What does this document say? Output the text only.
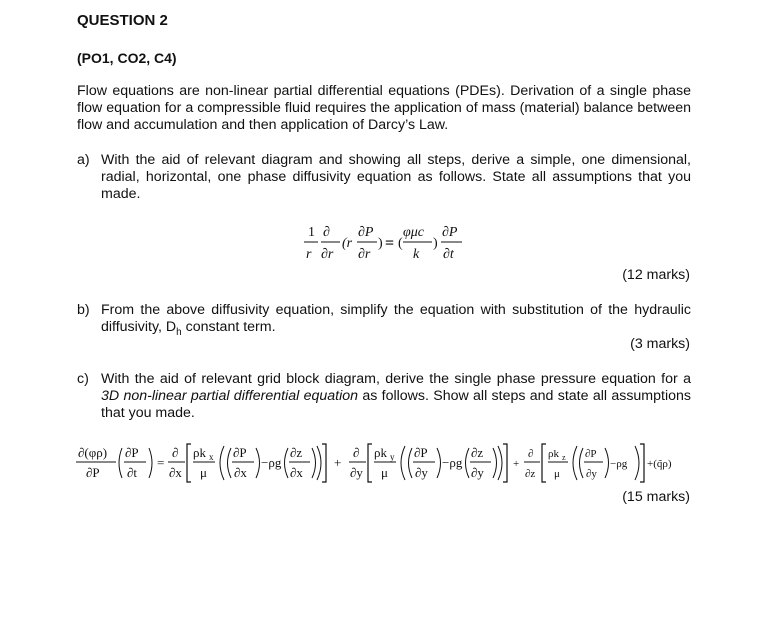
QUESTION 2
(PO1, CO2, C4)

Flow equations are non-linear partial differential equations (PDEs). Derivation of a single phase flow equation for a compressible fluid requires the application of mass (material) balance between flow and accumulation and then application of Darcy’s Law.

a) With the aid of relevant diagram and showing all steps, derive a simple, one dimensional, radial, horizontal, one phase diffusivity equation as follows. State all assumptions that you made.

1
r
∂
∂r
(r
∂P
∂r
) = (
φμc
k
)
∂P
∂t
(12 marks)
b) From the above diffusivity equation, simplify the equation with substitution of the hydraulic diffusivity, $D_h$ constant term.

(3 marks)
c) With the aid of relevant grid block diagram, derive the single phase pressure equation for a 3D non-linear partial differential equation as follows. Show all steps and state all assumptions that you made.

∂(φρ)
∂P
∂P
∂t
=
∂
∂x
ρk x
μ
∂P
∂x
−ρg
∂z
∂x
+
∂
∂y
ρk y
μ
∂P
∂y
−ρg
∂z
∂y
+
∂
∂z
ρk z
μ
∂P
∂y
−ρg +(q̃ρ)
(15 marks)
